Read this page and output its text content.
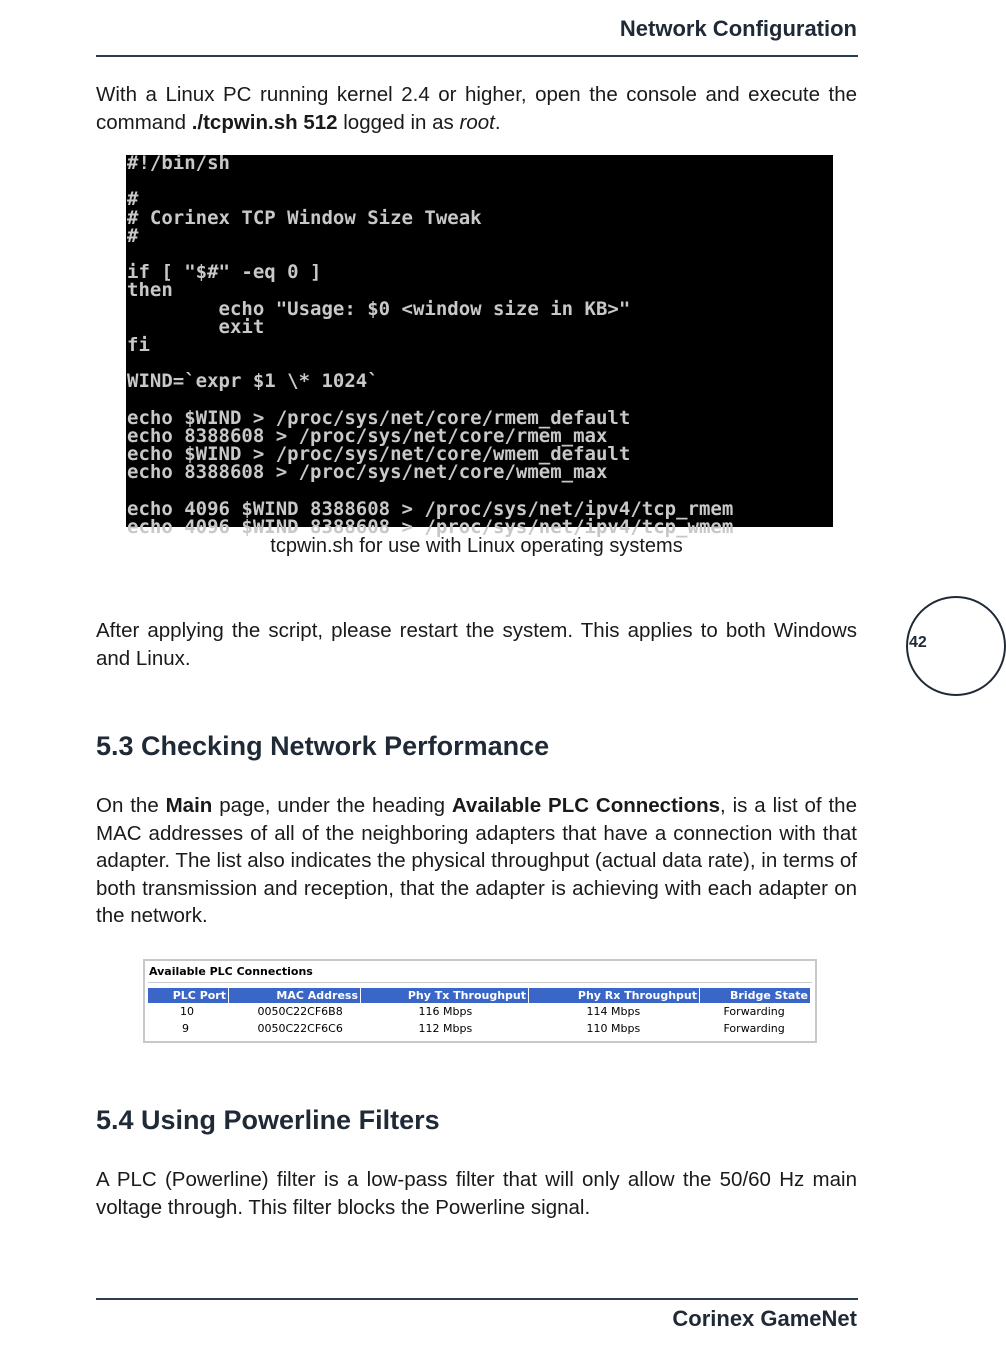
Network Configuration
With a Linux PC running kernel 2.4 or higher, open the console and execute the command ./tcpwin.sh 512 logged in as root.
#!/bin/sh

#
# Corinex TCP Window Size Tweak
#

if [ "$#" -eq 0 ]
then
echo "Usage: $0 <window size in KB>"
exit
fi

WIND=`expr $1 \* 1024`

echo $WIND > /proc/sys/net/core/rmem_default
echo 8388608 > /proc/sys/net/core/rmem_max
echo $WIND > /proc/sys/net/core/wmem_default
echo 8388608 > /proc/sys/net/core/wmem_max

echo 4096 $WIND 8388608 > /proc/sys/net/ipv4/tcp_rmem
echo 4096 $WIND 8388608 > /proc/sys/net/ipv4/tcp_wmem
tcpwin.sh for use with Linux operating systems
After applying the script, please restart the system. This applies to both Windows and Linux.
42
5.3 Checking Network Performance
On the Main page, under the heading Available PLC Connections, is a list of the MAC addresses of all of the neighboring adapters that have a connection with that adapter. The list also indicates the physical throughput (actual data rate), in terms of both transmission and reception, that the adapter is achieving with each adapter on the network.
Available PLC Connections
PLC Port	MAC Address	Phy Tx Throughput	Phy Rx Throughput	Bridge State
10	0050C22CF6B8	116 Mbps	114 Mbps	Forwarding
9	0050C22CF6C6	112 Mbps	110 Mbps	Forwarding
5.4 Using Powerline Filters
A PLC (Powerline) filter is a low-pass filter that will only allow the 50/60 Hz main voltage through. This filter blocks the Powerline signal.
Corinex GameNet
